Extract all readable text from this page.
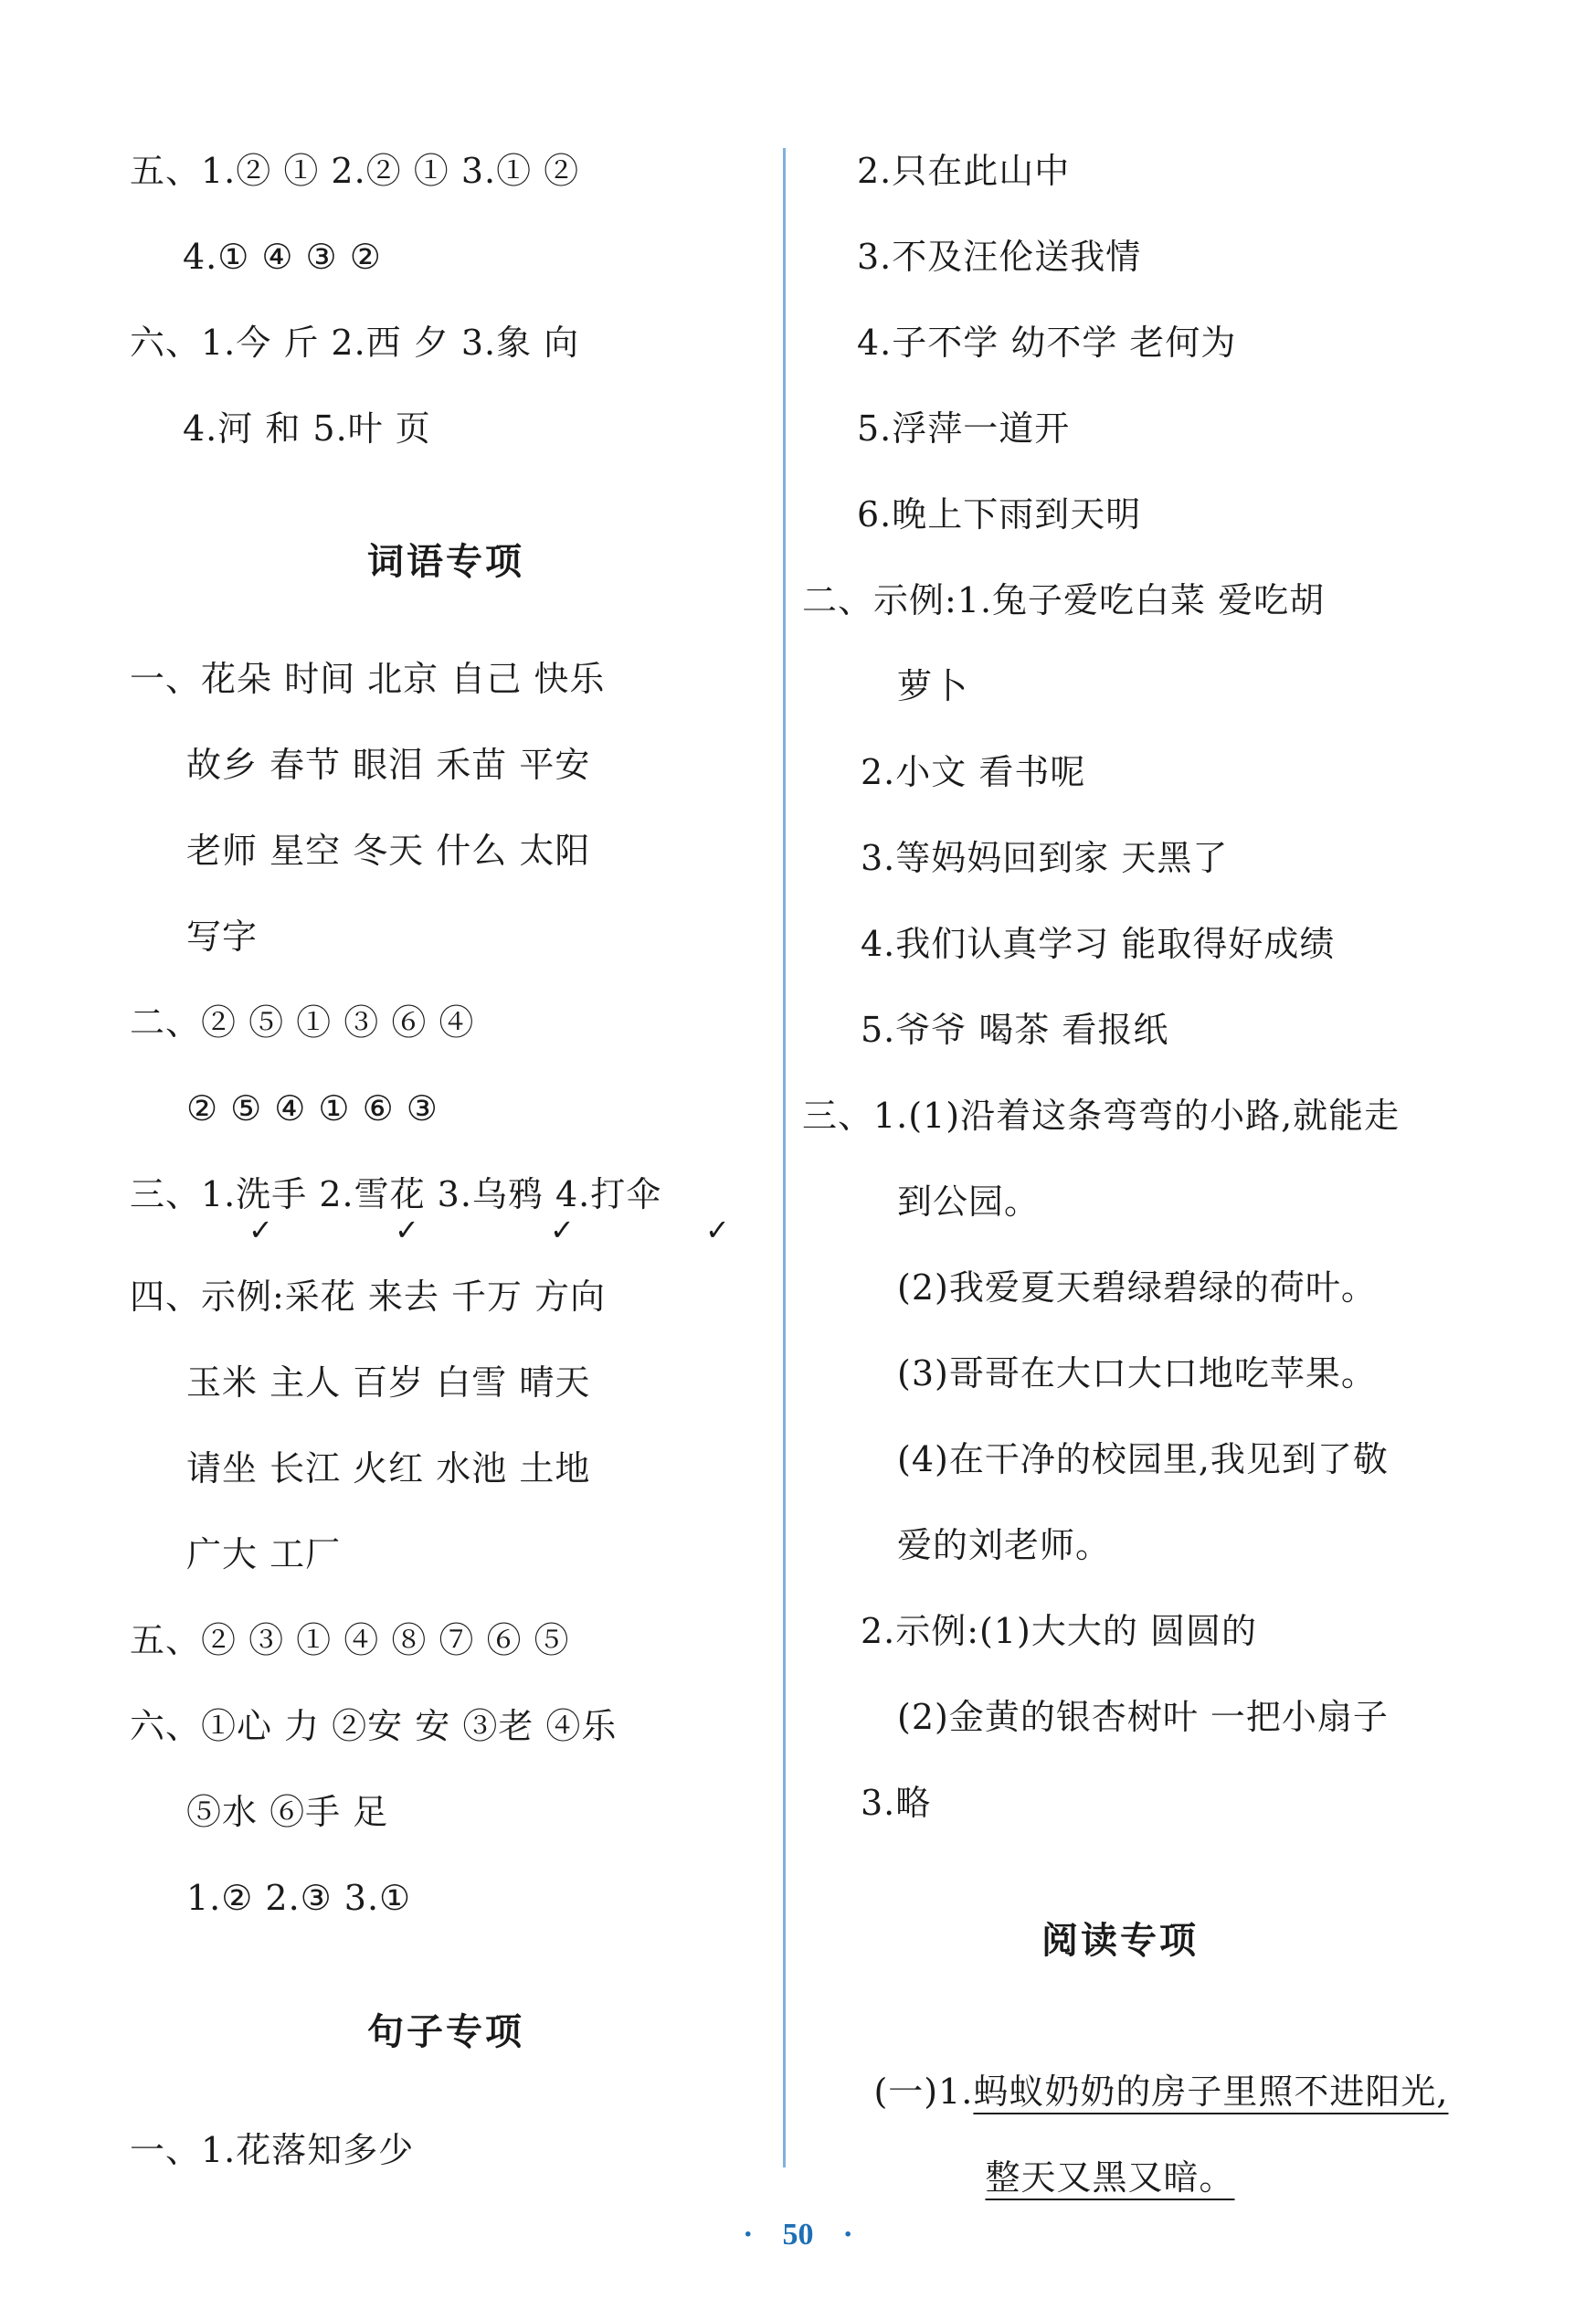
五、1.② ① 2.② ① 3.① ②
4.① ④ ③ ②
六、1.今 斤 2.西 夕 3.象 向
4.河 和 5.叶 页
词语专项
一、花朵 时间 北京 自己 快乐
故乡 春节 眼泪 禾苗 平安
老师 星空 冬天 什么 太阳
写字
二、② ⑤ ① ③ ⑥ ④
② ⑤ ④ ① ⑥ ③
三、1.洗手 2.雪花 3.乌鸦 4.打伞
✓	✓	✓	✓
四、示例:采花 来去 千万 方向
玉米 主人 百岁 白雪 晴天
请坐 长江 火红 水池 土地
广大 工厂
五、② ③ ① ④ ⑧ ⑦ ⑥ ⑤
六、①心 力 ②安 安 ③老 ④乐
⑤水 ⑥手 足
1.② 2.③ 3.①
句子专项
一、1.花落知多少
2.只在此山中
3.不及汪伦送我情
4.子不学 幼不学 老何为
5.浮萍一道开
6.晚上下雨到天明
二、示例:1.兔子爱吃白菜 爱吃胡
萝卜
2.小文 看书呢
3.等妈妈回到家 天黑了
4.我们认真学习 能取得好成绩
5.爷爷 喝茶 看报纸
三、1.(1)沿着这条弯弯的小路,就能走
到公园。
(2)我爱夏天碧绿碧绿的荷叶。
(3)哥哥在大口大口地吃苹果。
(4)在干净的校园里,我见到了敬
爱的刘老师。
2.示例:(1)大大的 圆圆的
(2)金黄的银杏树叶 一把小扇子
3.略
阅读专项

(一)1.蚂蚁奶奶的房子里照不进阳光,

整天又黑又暗。

· 50 ·
